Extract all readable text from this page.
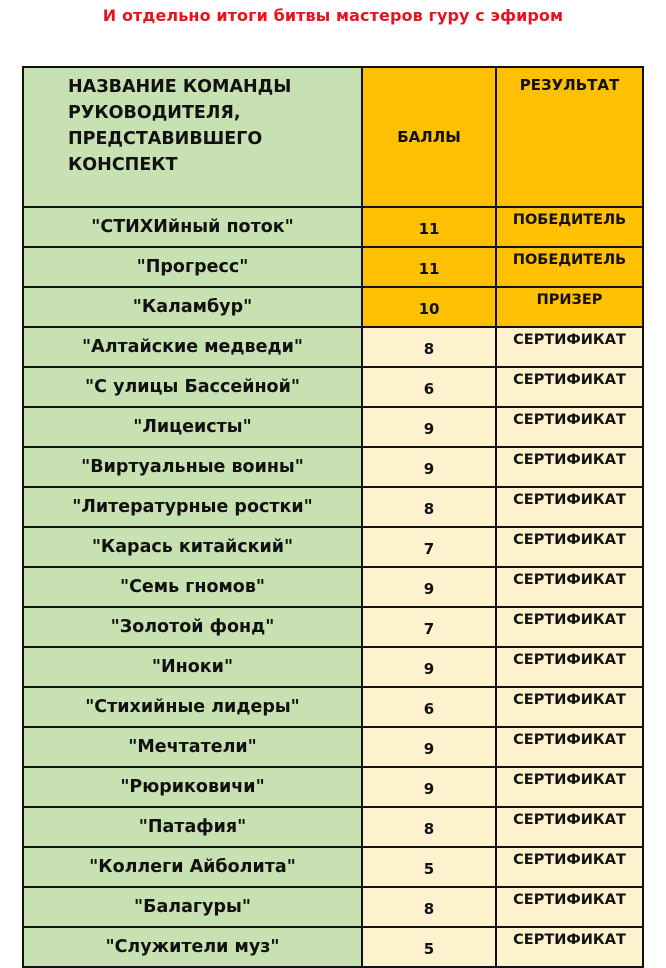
И отдельно итоги битвы мастеров гуру с эфиром
НАЗВАНИЕ КОМАНДЫ РУКОВОДИТЕЛЯ, ПРЕДСТАВИВШЕГО КОНСПЕКТ	БАЛЛЫ	РЕЗУЛЬТАТ
"СТИХИйный поток"	11	ПОБЕДИТЕЛЬ
"Прогресс"	11	ПОБЕДИТЕЛЬ
"Каламбур"	10	ПРИЗЕР
"Алтайские медведи"	8	СЕРТИФИКАТ
"С улицы Бассейной"	6	СЕРТИФИКАТ
"Лицеисты"	9	СЕРТИФИКАТ
"Виртуальные воины"	9	СЕРТИФИКАТ
"Литературные ростки"	8	СЕРТИФИКАТ
"Карась китайский"	7	СЕРТИФИКАТ
"Семь гномов"	9	СЕРТИФИКАТ
"Золотой фонд"	7	СЕРТИФИКАТ
"Иноки"	9	СЕРТИФИКАТ
"Стихийные лидеры"	6	СЕРТИФИКАТ
"Мечтатели"	9	СЕРТИФИКАТ
"Рюриковичи"	9	СЕРТИФИКАТ
"Патафия"	8	СЕРТИФИКАТ
"Коллеги Айболита"	5	СЕРТИФИКАТ
"Балагуры"	8	СЕРТИФИКАТ
"Служители муз"	5	СЕРТИФИКАТ
